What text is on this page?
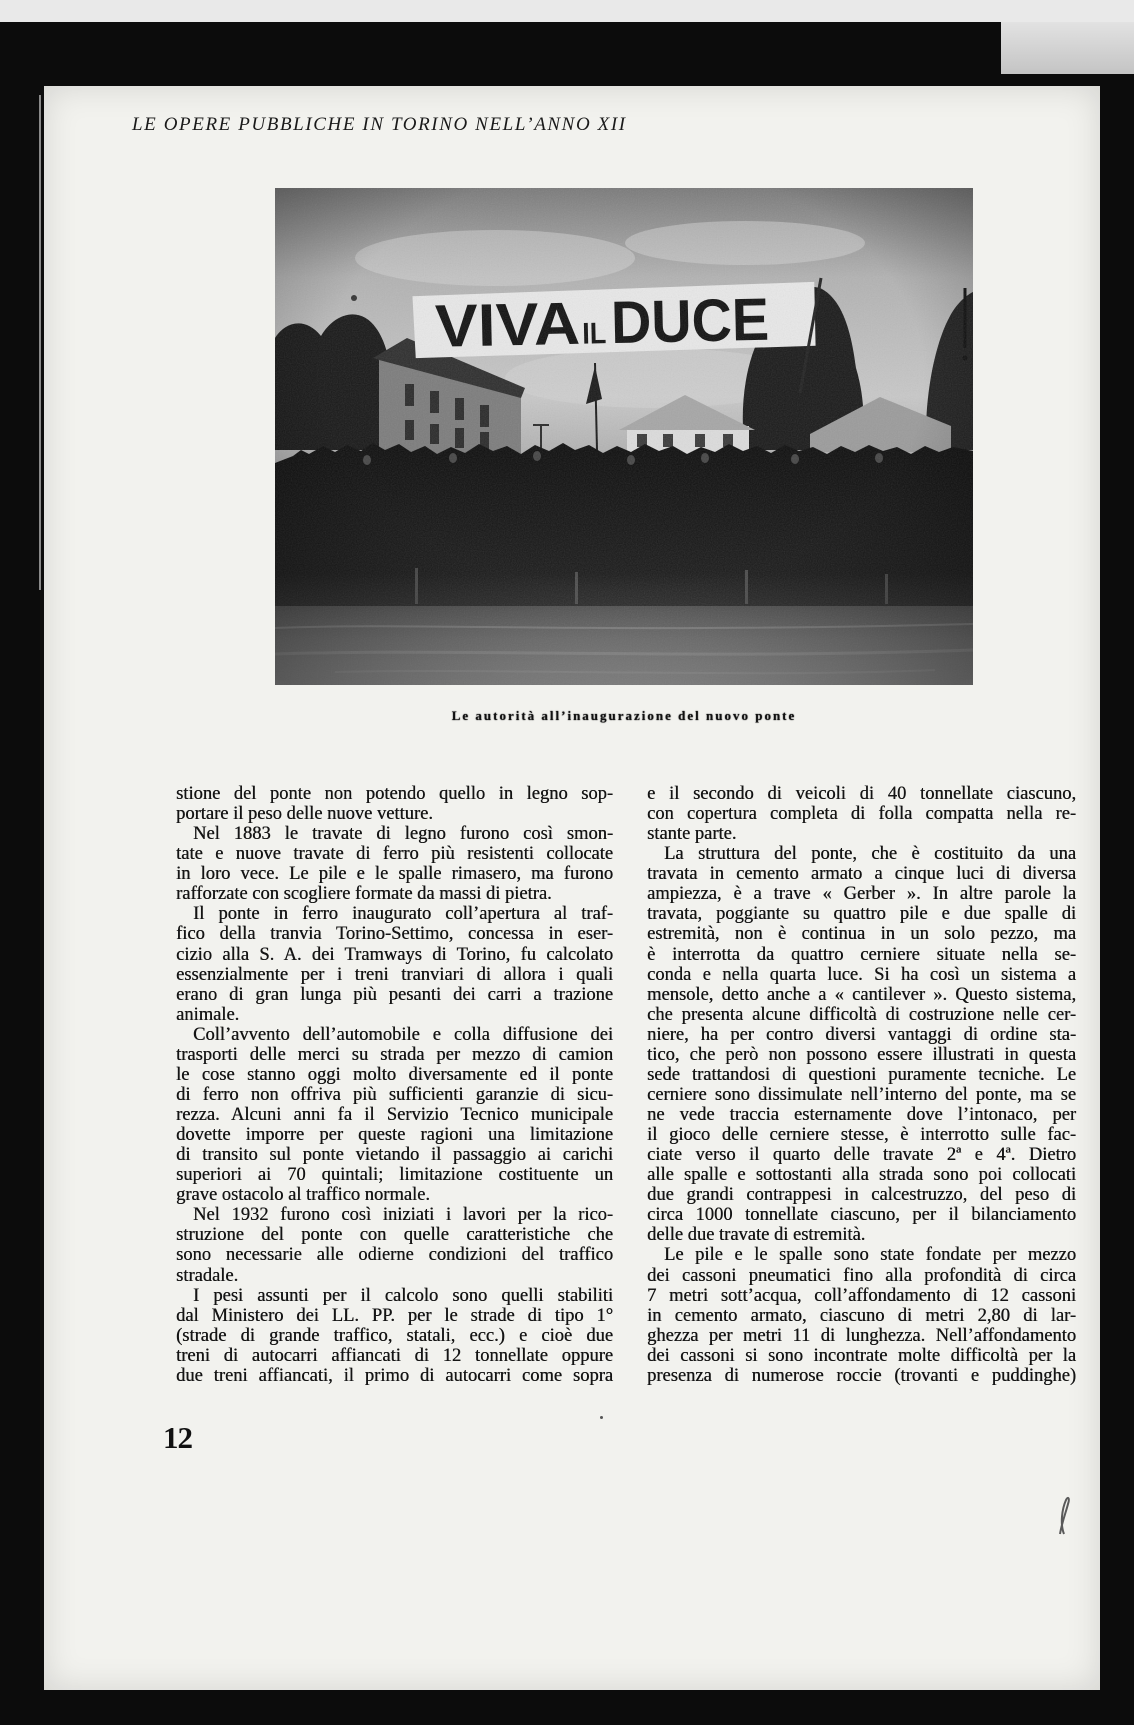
LE OPERE PUBBLICHE IN TORINO NELL’ANNO XII
Le autorità all’inaugurazione del nuovo ponte
stione del ponte non potendo quello in legno sop-
portare il peso delle nuove vetture.
Nel 1883 le travate di legno furono così smon-
tate e nuove travate di ferro più resistenti collocate
in loro vece. Le pile e le spalle rimasero, ma furono
rafforzate con scogliere formate da massi di pietra.
Il ponte in ferro inaugurato coll’apertura al traf-
fico della tranvia Torino-Settimo, concessa in eser-
cizio alla S. A. dei Tramways di Torino, fu calcolato
essenzialmente per i treni tranviari di allora i quali
erano di gran lunga più pesanti dei carri a trazione
animale.
Coll’avvento dell’automobile e colla diffusione dei
trasporti delle merci su strada per mezzo di camion
le cose stanno oggi molto diversamente ed il ponte
di ferro non offriva più sufficienti garanzie di sicu-
rezza. Alcuni anni fa il Servizio Tecnico municipale
dovette imporre per queste ragioni una limitazione
di transito sul ponte vietando il passaggio ai carichi
superiori ai 70 quintali; limitazione costituente un
grave ostacolo al traffico normale.
Nel 1932 furono così iniziati i lavori per la rico-
struzione del ponte con quelle caratteristiche che
sono necessarie alle odierne condizioni del traffico
stradale.
I pesi assunti per il calcolo sono quelli stabiliti
dal Ministero dei LL. PP. per le strade di tipo 1°
(strade di grande traffico, statali, ecc.) e cioè due
treni di autocarri affiancati di 12 tonnellate oppure
due treni affiancati, il primo di autocarri come sopra
e il secondo di veicoli di 40 tonnellate ciascuno,
con copertura completa di folla compatta nella re-
stante parte.
La struttura del ponte, che è costituito da una
travata in cemento armato a cinque luci di diversa
ampiezza, è a trave « Gerber ». In altre parole la
travata, poggiante su quattro pile e due spalle di
estremità, non è continua in un solo pezzo, ma
è interrotta da quattro cerniere situate nella se-
conda e nella quarta luce. Si ha così un sistema a
mensole, detto anche a « cantilever ». Questo sistema,
che presenta alcune difficoltà di costruzione nelle cer-
niere, ha per contro diversi vantaggi di ordine sta-
tico, che però non possono essere illustrati in questa
sede trattandosi di questioni puramente tecniche. Le
cerniere sono dissimulate nell’interno del ponte, ma se
ne vede traccia esternamente dove l’intonaco, per
il gioco delle cerniere stesse, è interrotto sulle fac-
ciate verso il quarto delle travate 2ª e 4ª. Dietro
alle spalle e sottostanti alla strada sono poi collocati
due grandi contrappesi in calcestruzzo, del peso di
circa 1000 tonnellate ciascuno, per il bilanciamento
delle due travate di estremità.
Le pile e le spalle sono state fondate per mezzo
dei cassoni pneumatici fino alla profondità di circa
7 metri sott’acqua, coll’affondamento di 12 cassoni
in cemento armato, ciascuno di metri 2,80 di lar-
ghezza per metri 11 di lunghezza. Nell’affondamento
dei cassoni si sono incontrate molte difficoltà per la
presenza di numerose roccie (trovanti e puddinghe)
12
